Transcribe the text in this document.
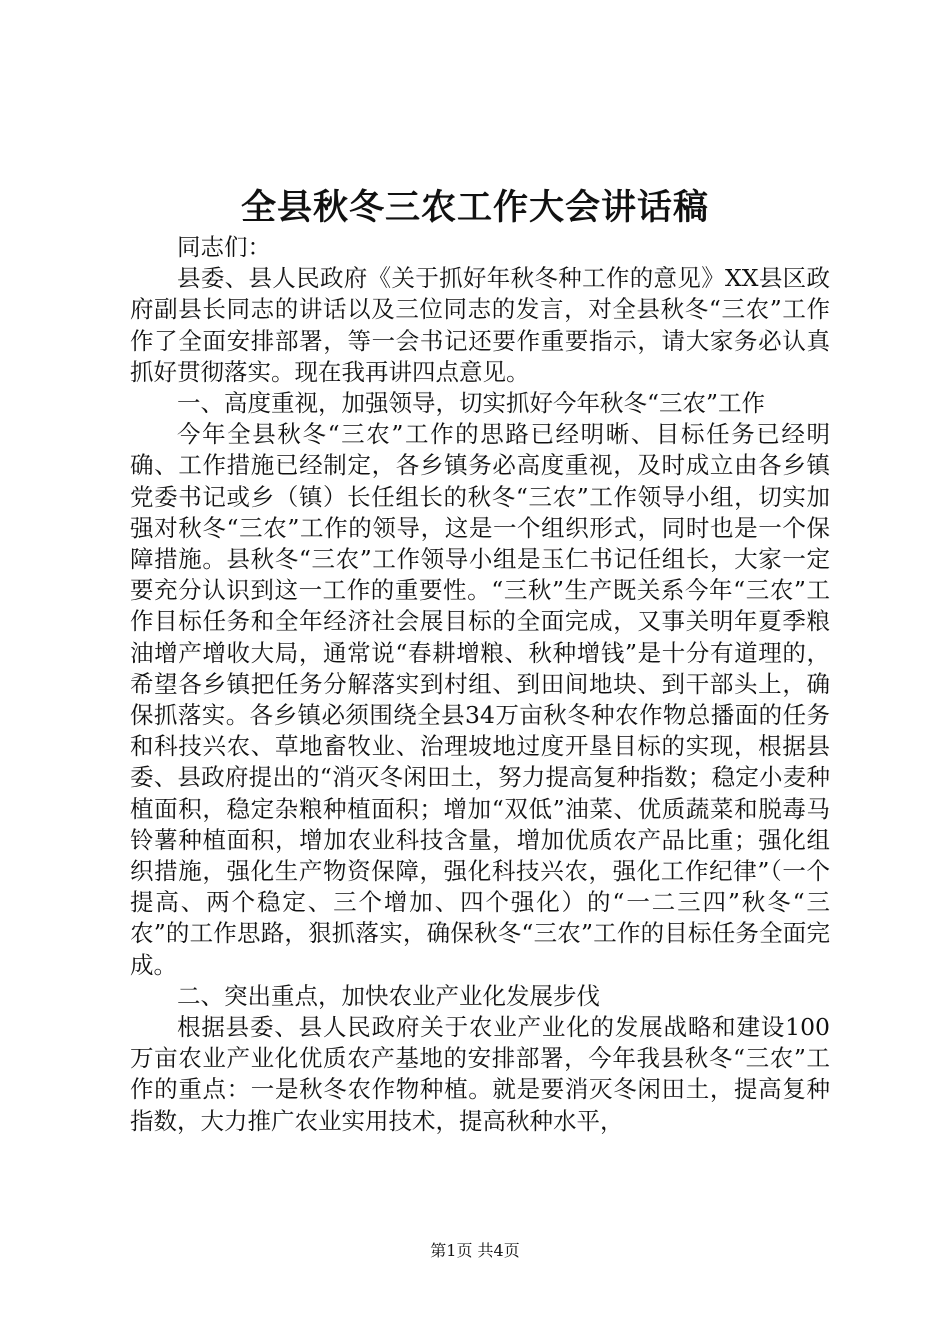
全县秋冬三农工作大会讲话稿

同志们：

县委、县人民政府《关于抓好年秋冬种工作的意见》XX县区政府副县长同志的讲话以及三位同志的发言，对全县秋冬“三农”工作作了全面安排部署，等一会书记还要作重要指示，请大家务必认真抓好贯彻落实。现在我再讲四点意见。

一、高度重视，加强领导，切实抓好今年秋冬“三农”工作

今年全县秋冬“三农”工作的思路已经明晰、目标任务已经明确、工作措施已经制定，各乡镇务必高度重视，及时成立由各乡镇党委书记或乡（镇）长任组长的秋冬“三农”工作领导小组，切实加强对秋冬“三农”工作的领导，这是一个组织形式，同时也是一个保障措施。县秋冬“三农”工作领导小组是玉仁书记任组长，大家一定要充分认识到这一工作的重要性。“三秋”生产既关系今年“三农”工作目标任务和全年经济社会展目标的全面完成，又事关明年夏季粮油增产增收大局，通常说“春耕增粮、秋种增钱”是十分有道理的，希望各乡镇把任务分解落实到村组、到田间地块、到干部头上，确保抓落实。各乡镇必须围绕全县34万亩秋冬种农作物总播面的任务和科技兴农、草地畜牧业、治理坡地过度开垦目标的实现，根据县委、县政府提出的“消灭冬闲田土，努力提高复种指数；稳定小麦种植面积，稳定杂粮种植面积；增加“双低”油菜、优质蔬菜和脱毒马铃薯种植面积，增加农业科技含量，增加优质农产品比重；强化组织措施，强化生产物资保障，强化科技兴农，强化工作纪律”（一个提高、两个稳定、三个增加、四个强化）的“一二三四”秋冬“三农”的工作思路，狠抓落实，确保秋冬“三农”工作的目标任务全面完成。

二、突出重点，加快农业产业化发展步伐

根据县委、县人民政府关于农业产业化的发展战略和建设100万亩农业产业化优质农产基地的安排部署，今年我县秋冬“三农”工作的重点：一是秋冬农作物种植。就是要消灭冬闲田土，提高复种指数，大力推广农业实用技术，提高秋种水平，

第1页 共4页
